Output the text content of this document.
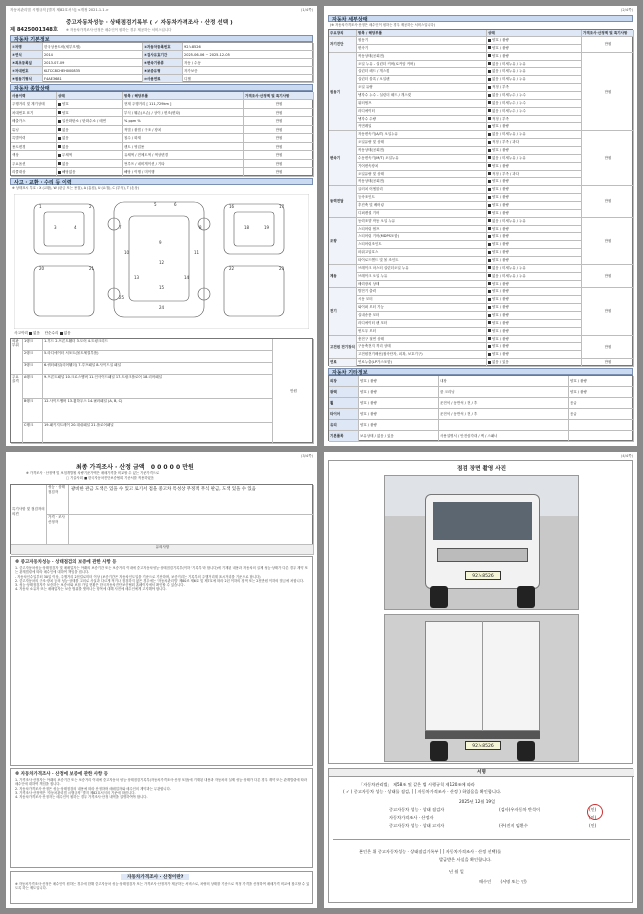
자동차관리법 시행규칙 [별지 제82호서식] <개정 2021.1.1.>	(1/4쪽)
중고자동차성능 · 상태점검기록부 ( ✓ 자동차가격조사 · 산정 선택 )
제 8425001348호 ※ 자동차가격조사·산정은 매수인이 원하는 경우 제공하는 서비스입니다
자동차 기본정보
①차명	한국상용트럭(세부모델)	②자동차등록번호	92노8526
③연식	2014	④검사유효기간	2025-06-06 ~ 2025-12-05
⑤최초등록일	2013-07-09	⑥변속기종류	자동 / 수동
⑦차대번호	KLTCC8CHEH000835	⑧보증유형	자가보증
⑨원동기형식	F4AE3681	⑩사용연료	디젤
자동차 종합상태
사용이력	상태	항목 / 해당부품	가격조사·산정액 및 특기사항
주행거리 및 계기상태	양호	현재 주행거리 [ 111,729km ]	만원
차대번호 표기	양호	부식 / 훼손(오손) / 상이 / 변조(변타)	만원
배출가스	일산화탄소 / 탄화수소 / 매연	% ppm %	만원
튜닝	없음	적법 / 불법 / 구조 / 장치	만원
특별이력	없음	침수 / 화재	만원
용도변경	없음	렌트 / 영업용	만원
색상	무채색	유채색 / 전체도색 / 색상변경	만원
주요옵션	없음	썬루프 / 네비게이션 / 기타	만원
리콜대상	해당없음	해당 / 이행 / 미이행	만원
사고 · 교환 · 수리 등 이력
※ 상태표시 부호 : X (교환), W (판금 또는 용접), A (흠집), U (요철), C (부식), T (손상)
1	2
3	4
5	6
7	8
9
10	11
12
13	14
15
16	17
18	19
20	21	22	23
24
25
사고이력 없음 단순수리 없음
외판 부위
1랭크	1.후드 2.프론트휀더 3.도어 4.트렁크리드
2랭크	5.라디에이터 서포트(볼트체결부품)
3랭크	6.쿼터패널(리어휀더) 7.루프패널 8.사이드실 패널
주요 골격
A랭크	9.프론트패널 10.크로스멤버 11.인사이드패널 17.트렁크플로어 18.리어패널
B랭크	12.사이드멤버 13.휠하우스 14.필러패널 (A, B, C)
C랭크	19.패키지트레이 20.대쉬패널 21.플로어패널
만원
(2/4쪽)
자동차 세부상태
(※ 자동차가격조사·산정은 매수인이 원하는 경우 제공하는 서비스입니다)
주요장치	항목 / 해당부품	상태	가격조사·산정액 및 특기사항
자기진단	만원
원동기	양호 / 불량
변속기	양호 / 불량
원동기	만원
작동상태(공회전)	양호 / 불량
오일 누유 - 실린더 커버(로커암 커버)	없음 / 미세누유 / 누유
실린더 헤드 / 개스킷	없음 / 미세누유 / 누유
실린더 블록 / 오일팬	없음 / 미세누유 / 누유
오일 유량	적정 / 부족
냉각수 누수 - 실린더 헤드 / 개스킷	없음 / 미세누수 / 누수
워터펌프	없음 / 미세누수 / 누수
라디에이터	없음 / 미세누수 / 누수
냉각수 수량	적정 / 부족
커먼레일	양호 / 불량
변속기	만원
자동변속기(A/T) 오일누유	없음 / 미세누유 / 누유
오일유량 및 상태	적정 / 부족 / 과다
작동상태(공회전)	양호 / 불량
수동변속기(M/T) 오일누유	없음 / 미세누유 / 누유
기어변속장치	양호 / 불량
오일유량 및 상태	적정 / 부족 / 과다
작동상태(공회전)	양호 / 불량
동력전달	만원
클러치 어셈블리	양호 / 불량
등속조인트	양호 / 불량
추진축 및 베어링	양호 / 불량
디퍼렌셜 기어	양호 / 불량
조향	만원
동력조향 작동 오일 누유	없음 / 미세누유 / 누유
스티어링 펌프	양호 / 불량
스티어링 기어(MDPS포함)	양호 / 불량
스티어링조인트	양호 / 불량
파워고압호스	양호 / 불량
타이로드엔드 및 볼 조인트	양호 / 불량
제동	만원
브레이크 마스터 실린더오일 누유	없음 / 미세누유 / 누유
브레이크 오일 누유	없음 / 미세누유 / 누유
배력장치 상태	양호 / 불량
전기	만원
발전기 출력	양호 / 불량
시동 모터	양호 / 불량
와이퍼 모터 기능	양호 / 불량
실내송풍 모터	양호 / 불량
라디에이터 팬 모터	양호 / 불량
윈도우 모터	양호 / 불량
고전원 전기장치	만원
충전구 절연 상태	양호 / 불량
구동축전지 격리 상태	양호 / 불량
고전원전기배선(접속단자, 피복, 보호기구)	양호 / 불량
연료	만원
연료누출(LP가스포함)	없음 / 있음
자동차 기타정보
외장	양호 / 불량	내장	양호 / 불량
광택	양호 / 불량	룸 크리닝	양호 / 불량
휠	양호 / 불량	운전석 / 동반석 / 전 / 후	응급
타이어	양호 / 불량	운전석 / 동반석 / 전 / 후	응급
유리	양호 / 불량
기본품목	보유상태 / 없음 / 있음	사용설명서 / 안전삼각대 / 잭 / 스패너
(3/4쪽)
최종 가격조사 · 산정 금액 0 0 0 0 0 만원
※ 가격조사 · 산정액 및 보험개발원 차량기준가액은 매매가격을 비교할 수 있는 기준가격으로
□ 기술사회 ■ 한국자동차진단보증협회 기준서를 적용하였음
특기사항 및 점검자의 의견
성능 · 상태점검자	광비한 관금 도색은 있을 수 있고 로기서 점을 중고차 특성상 무정적 무식 판금, 도색 있을 수 있음
가격 · 조사산정자
유의사항
※ 중고자동차성능 · 상태점검의 보증에 관한 사항 등
1. 중고자동차성능·상태점검자 및 매매업자는 아래의 보증기간 또는 보증거리 이내에 중고자동차성능·상태점검기록부(이하 '기록부'라 합니다)에 기재된 내용과 자동차의 실제 성능·상태가 다른 경우 계약 또는 관계법령에 따라 매수인에 대하여 책임을 집니다.
- 자동차인수일부터 30일 이상, 주행거리 2천킬로미터 이상 (보증기간은 자동차인도일을 기준으로 기산하며, 보증거리는 기록부의 주행거리계 표시거리를 기준으로 합니다)
2. 중고자동차의 구조·장치 등의 성능·상태를 고의로 사실과 다르게 적거나 점검하지 않은 경우에는 '자동차관리법' 제80조 제6호 및 제7호에 따라 2년 이하의 징역 또는 2천만원 이하의 벌금에 처합니다.
3. 성능·상태점검자가 보증하는 보증서와 보험 가입 현황은 한국자동차진단보증협회 홈페이지에서 확인할 수 있습니다.
4. 자동차 소유자 또는 매매업자는 보증 범위를 벗어나는 항목에 대해 사전에 매수인에게 고지해야 합니다.
※ 자동차가격조사 · 산정에 보증에 관한 사항 등
1. 가격조사·산정자는 아래의 보증기간 또는 보증거리 이내에 중고자동차 성능·상태점검기록부(자동차가격조사·산정 포함)에 기재된 내용과 자동차의 실제 성능·상태가 다른 경우 계약 또는 관계법령에 따라 매수인에 대하여 책임을 집니다.
2. 자동차가격조사·산정은 성능·상태점검의 내용에 따라 산정하며 매매업자와 매수인의 계약과는 무관합니다.
3. 가격조사·산정액은 '자동차관리법 시행규칙' 별지 제82호서식의 기준에 따릅니다.
4. 자동차가격조사·산정자는 매수인이 원하는 경우 가격조사·산정 내역을 설명하여야 합니다.
자동차가격조사 · 산정이란?
※ 자동차가격조사·산정은 매수인이 원하는 경우에 한해 중고자동차 성능·상태점검자 또는 가격조사·산정자가 제공하는 서비스로, 차량의 상태를 기준으로 적정 가격을 산정하여 매매가격 비교에 참고할 수 있도록 하는 제도입니다.
(4/4쪽)
점검 장면 촬영 사진
92노8526
92노8526
서명
「자동차관리법」 제58조 및 같은 법 시행규칙 제120조에 따라
( ✓ ) 중고자동차 성능 · 상태를 점검, [ ] 자동차가격조사 · 산정 ) 하였음을 확인합니다.
2025년 12월 19일
중고자동차 성능 · 상태 점검자	(검사)우자동차 반석이	(인)
자동차가격조사 · 산정자	(인)
중고자동차 성능 · 상태 고지자	(주)진지 임환수	(인)
본인은 위 중고자동차성능 · 상태점검기록부 [ ] 자동차가격조사 · 산정 선택)를
발급받은 사실을 확인합니다.
년 월 일
매수인 (서명 또는 인)
